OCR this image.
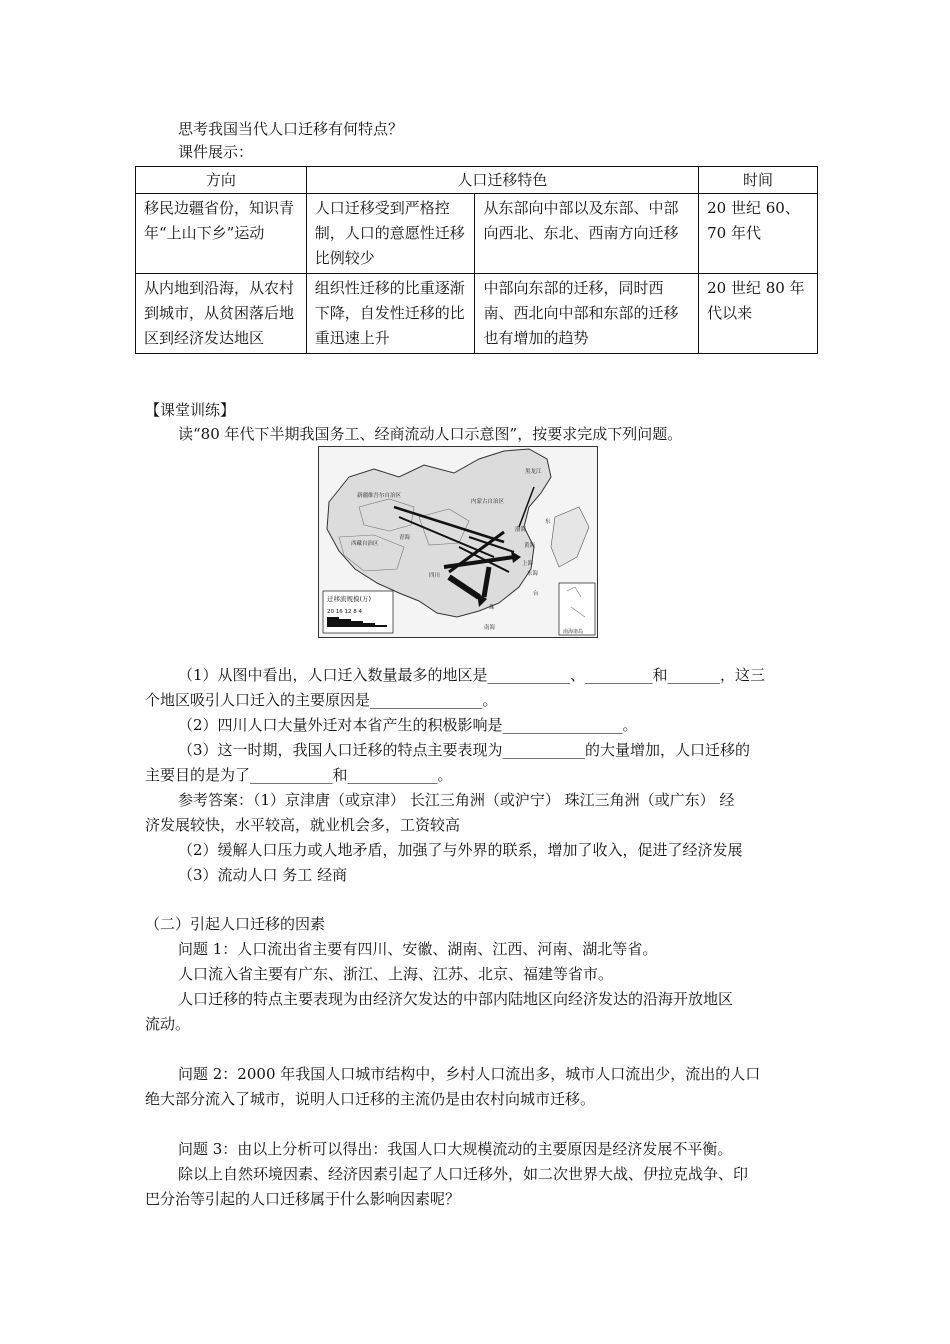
思考我国当代人口迁移有何特点？
课件展示：
方向	人口迁移特色		时间
移民边疆省份，知识青年“上山下乡”运动	人口迁移受到严格控制，人口的意愿性迁移比例较少	从东部向中部以及东部、中部向西北、东北、西南方向迁移	20 世纪 60、70 年代
从内地到沿海，从农村到城市，从贫困落后地区到经济发达地区	组织性迁移的比重逐渐下降，自发性迁移的比重迅速上升	中部向东部的迁移，同时西南、西北向中部和东部的迁移也有增加的趋势	20 世纪 80 年代以来
【课堂训练】
读“80 年代下半期我国务工、经商流动人口示意图”，按要求完成下列问题。
黑龙江
新疆维吾尔自治区
内蒙古自治区
西藏自治区
青海
四川
上海
东海
南海
黄海
渤海
台
东
珠
南海诸岛
迁移流规模(万)
20 16 12 8 4
（1）从图中看出，人口迁入数量最多的地区是___________、_________和_______，这三
个地区吸引人口迁入的主要原因是_______________。
（2）四川人口大量外迁对本省产生的积极影响是________________。
（3）这一时期，我国人口迁移的特点主要表现为___________的大量增加，人口迁移的
主要目的是为了___________和____________。
参考答案：（1）京津唐（或京津） 长江三角洲（或沪宁） 珠江三角洲（或广东） 经
济发展较快，水平较高，就业机会多，工资较高
（2）缓解人口压力或人地矛盾，加强了与外界的联系，增加了收入，促进了经济发展
（3）流动人口 务工 经商
（二）引起人口迁移的因素
问题 1：人口流出省主要有四川、安徽、湖南、江西、河南、湖北等省。
人口流入省主要有广东、浙江、上海、江苏、北京、福建等省市。
人口迁移的特点主要表现为由经济欠发达的中部内陆地区向经济发达的沿海开放地区
流动。
问题 2：2000 年我国人口城市结构中，乡村人口流出多，城市人口流出少，流出的人口
绝大部分流入了城市，说明人口迁移的主流仍是由农村向城市迁移。
问题 3：由以上分析可以得出：我国人口大规模流动的主要原因是经济发展不平衡。
除以上自然环境因素、经济因素引起了人口迁移外，如二次世界大战、伊拉克战争、印
巴分治等引起的人口迁移属于什么影响因素呢？
